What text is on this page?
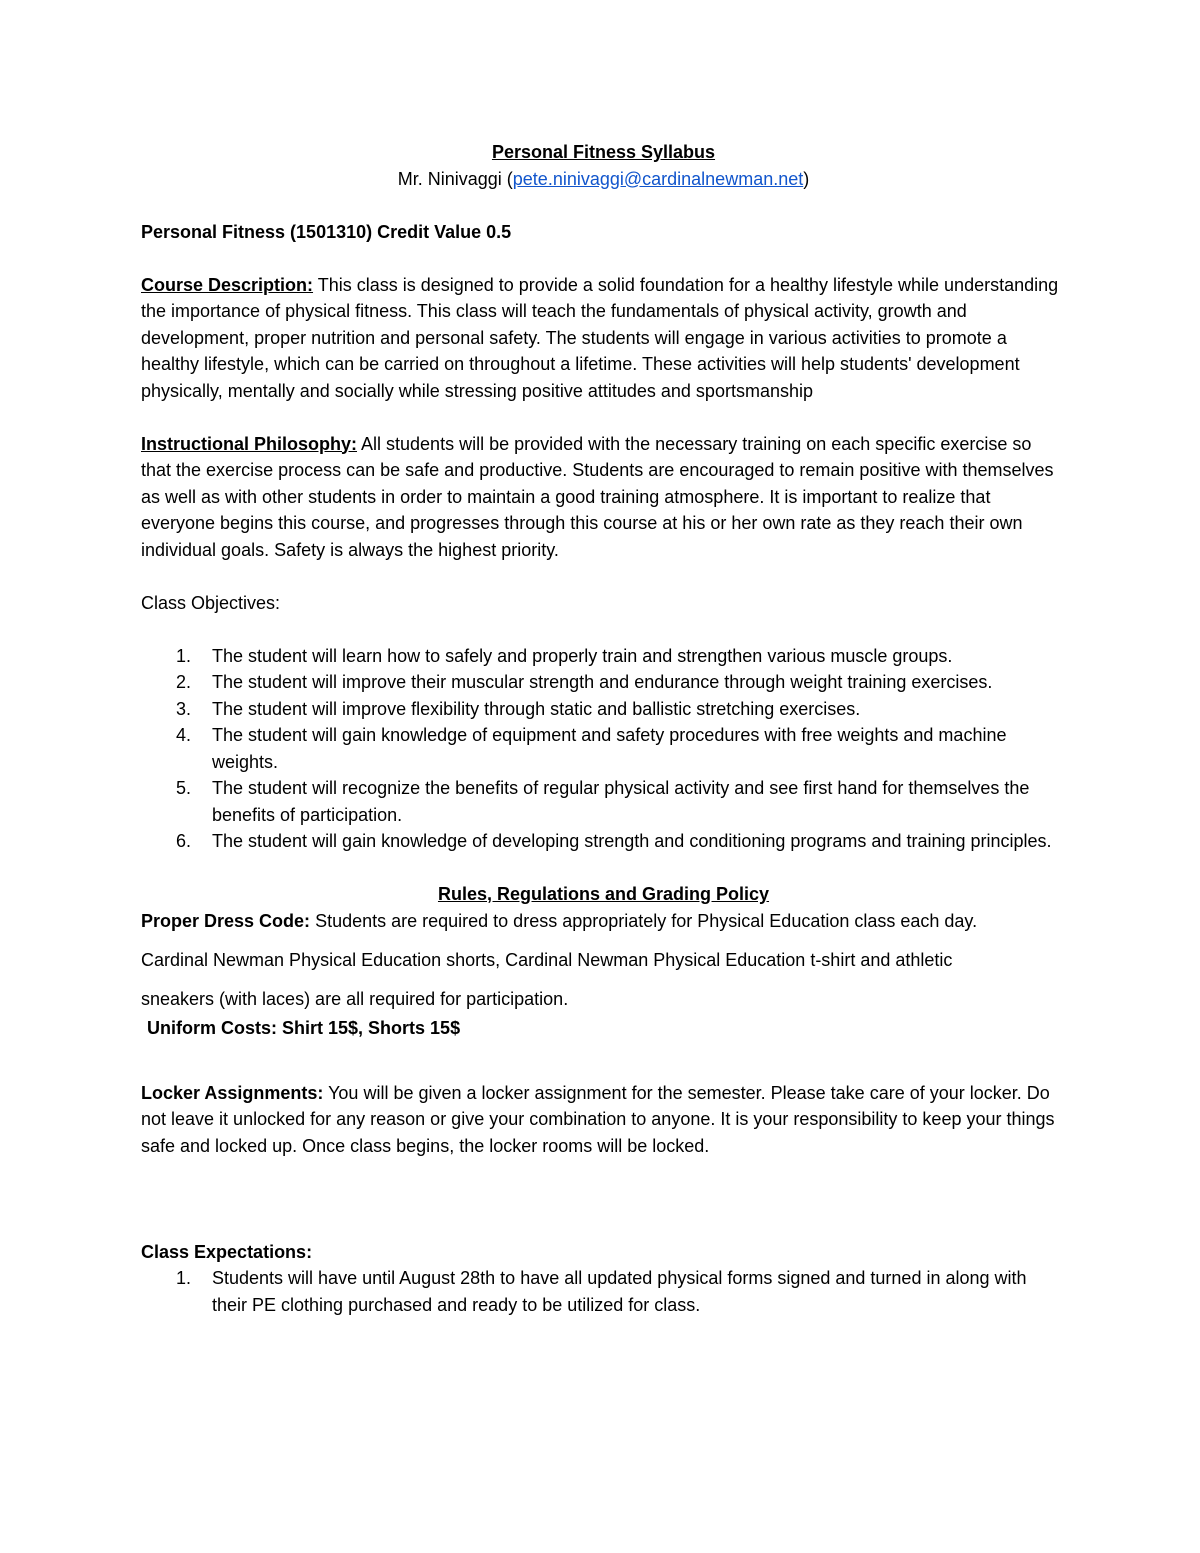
Personal Fitness Syllabus

Mr. Ninivaggi (pete.ninivaggi@cardinalnewman.net)

Personal Fitness (1501310) Credit Value 0.5

Course Description: This class is designed to provide a solid foundation for a healthy lifestyle while understanding the importance of physical fitness. This class will teach the fundamentals of physical activity, growth and development, proper nutrition and personal safety. The students will engage in various activities to promote a healthy lifestyle, which can be carried on throughout a lifetime. These activities will help students' development physically, mentally and socially while stressing positive attitudes and sportsmanship

Instructional Philosophy: All students will be provided with the necessary training on each specific exercise so that the exercise process can be safe and productive. Students are encouraged to remain positive with themselves as well as with other students in order to maintain a good training atmosphere. It is important to realize that everyone begins this course, and progresses through this course at his or her own rate as they reach their own individual goals. Safety is always the highest priority.

Class Objectives:

1. The student will learn how to safely and properly train and strengthen various muscle groups.
2. The student will improve their muscular strength and endurance through weight training exercises.
3. The student will improve flexibility through static and ballistic stretching exercises.
4. The student will gain knowledge of equipment and safety procedures with free weights and machine weights.
5. The student will recognize the benefits of regular physical activity and see first hand for themselves the benefits of participation.
6. The student will gain knowledge of developing strength and conditioning programs and training principles.

Rules, Regulations and Grading Policy

Proper Dress Code: Students are required to dress appropriately for Physical Education class each day.

Cardinal Newman Physical Education shorts, Cardinal Newman Physical Education t-shirt and athletic

sneakers (with laces) are all required for participation.

Uniform Costs: Shirt 15$, Shorts 15$

Locker Assignments: You will be given a locker assignment for the semester. Please take care of your locker. Do not leave it unlocked for any reason or give your combination to anyone. It is your responsibility to keep your things safe and locked up. Once class begins, the locker rooms will be locked.

Class Expectations:

1. Students will have until August 28th to have all updated physical forms signed and turned in along with their PE clothing purchased and ready to be utilized for class.
